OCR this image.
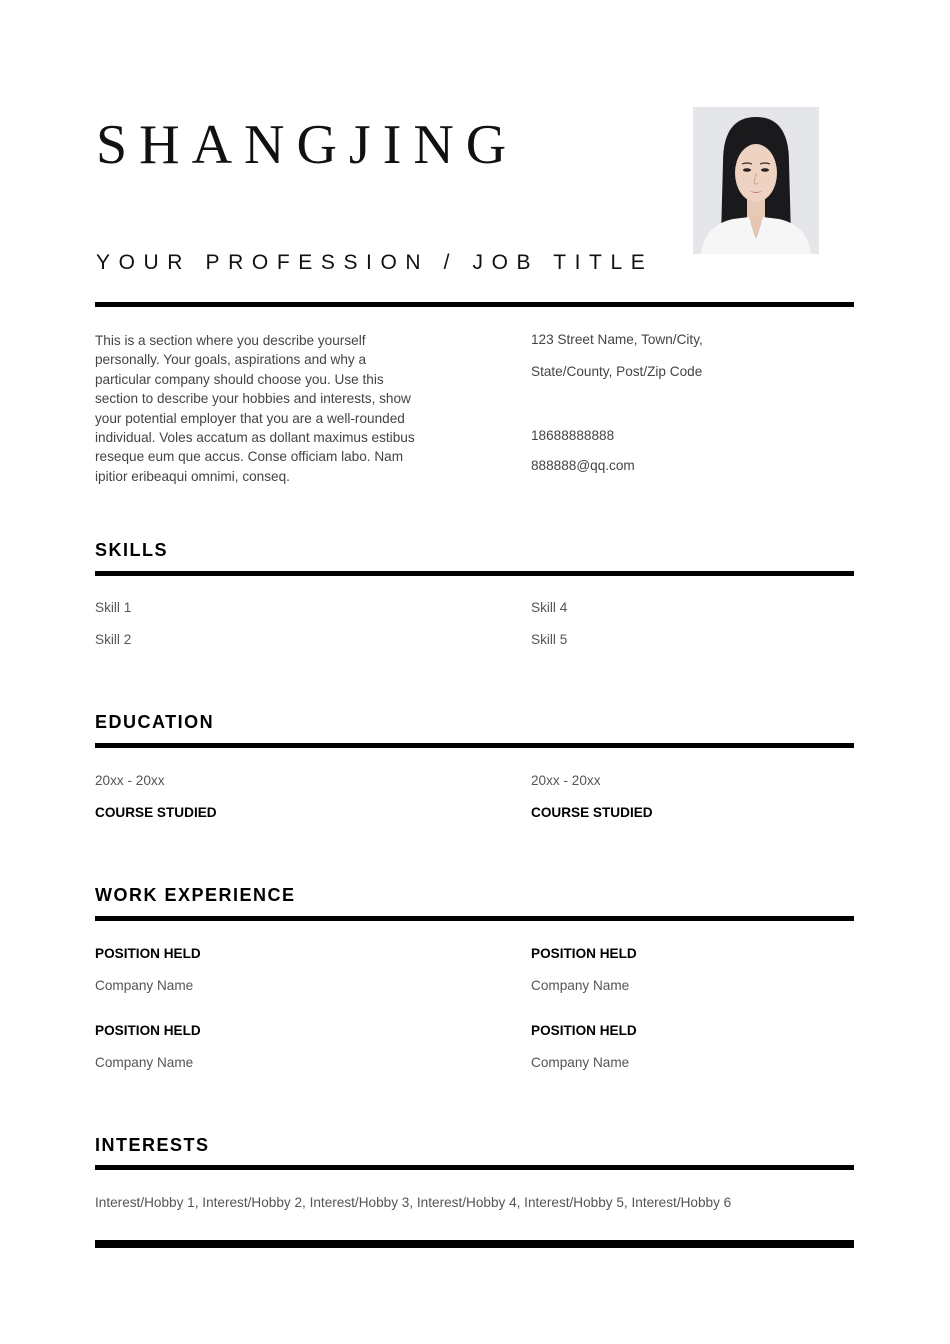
SHANGJING
YOUR PROFESSION / JOB TITLE
This is a section where you describe yourself personally. Your goals, aspirations and why a particular company should choose you. Use this section to describe your hobbies and interests, show your potential employer that you are a well-rounded individual. Voles accatum as dollant maximus estibus reseque eum que accus. Conse officiam labo. Nam ipitior eribeaqui omnimi, conseq.
123 Street Name, Town/City,
State/County, Post/Zip Code
18688888888
888888@qq.com
SKILLS
Skill 1
Skill 2
Skill 4
Skill 5
EDUCATION
20xx - 20xx
COURSE STUDIED
20xx - 20xx
COURSE STUDIED
WORK EXPERIENCE
POSITION HELD
Company Name
POSITION HELD
Company Name
POSITION HELD
Company Name
POSITION HELD
Company Name
INTERESTS
Interest/Hobby 1, Interest/Hobby 2, Interest/Hobby 3, Interest/Hobby 4, Interest/Hobby 5, Interest/Hobby 6
